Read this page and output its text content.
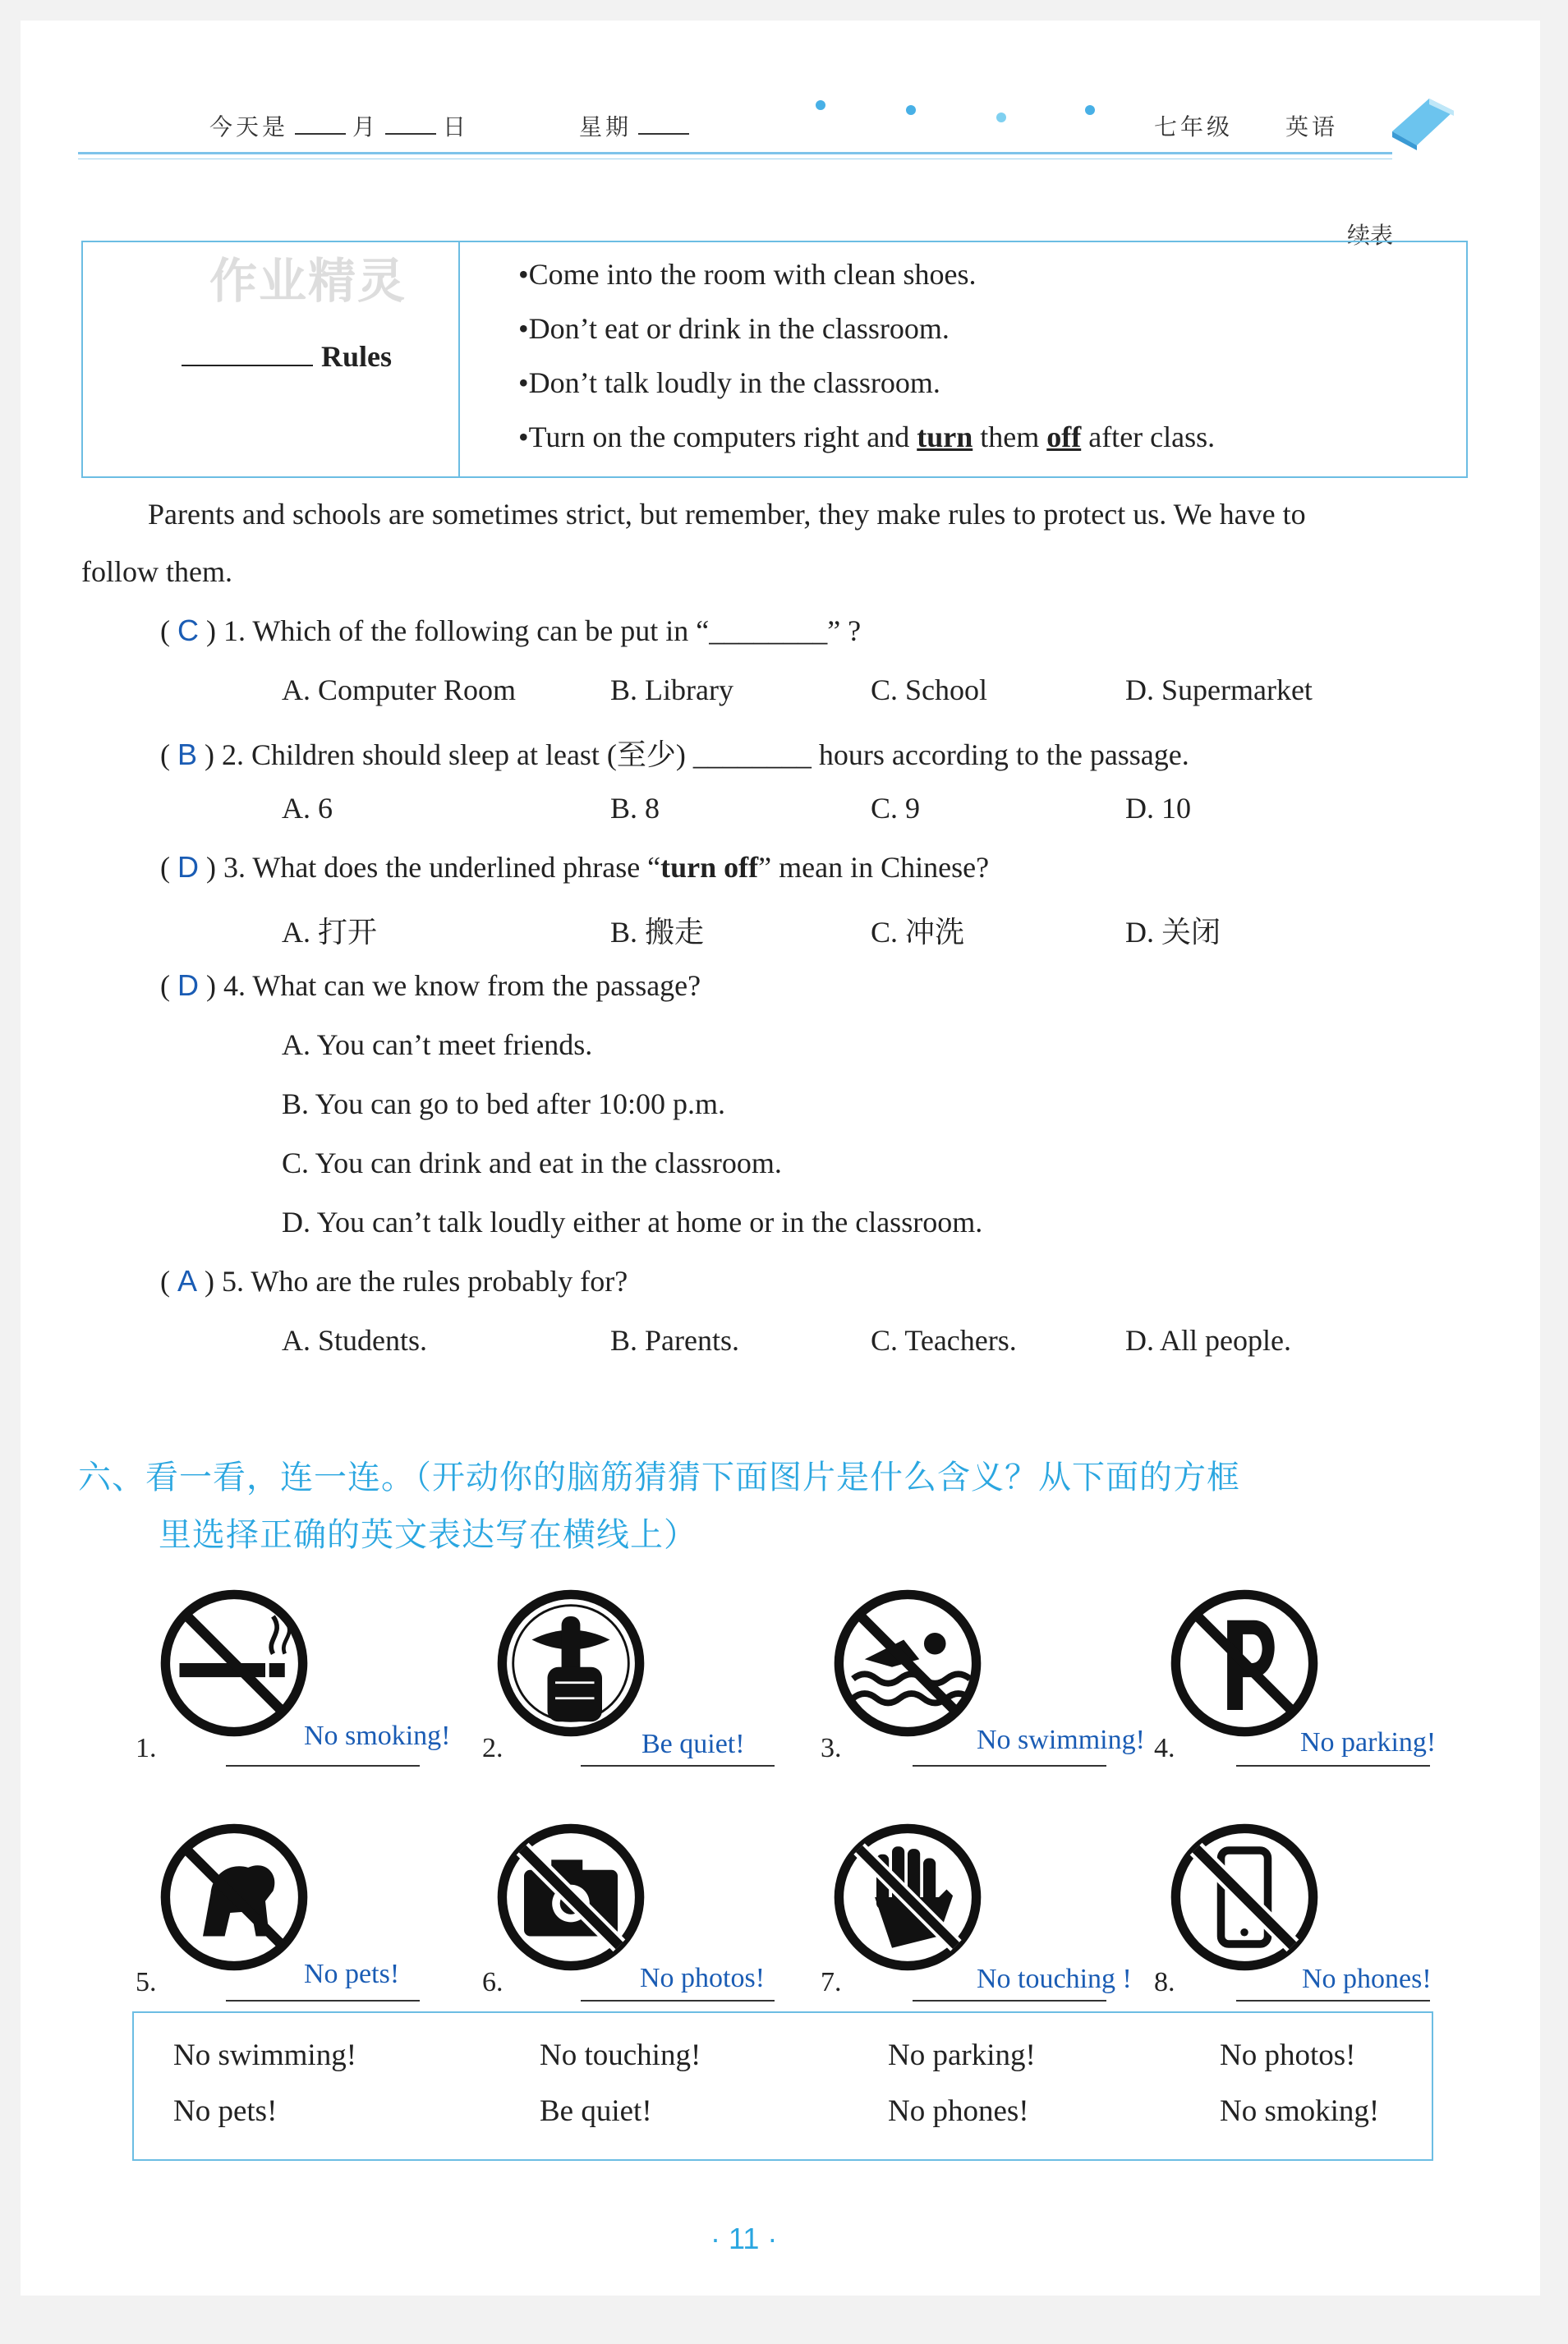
今天是	月	日	星期	七年级 英语
续表
Rules
•Come into the room with clean shoes.
•Don’t eat or drink in the classroom.
•Don’t talk loudly in the classroom.
•Turn on the computers right and turn them off after class.
作业精灵
Parents and schools are sometimes strict, but remember, they make rules to protect us. We have to
follow them.
( C ) 1. Which of the following can be put in “________” ?
A. Computer Room	B. Library	C. School	D. Supermarket
( B ) 2. Children should sleep at least (至少) ________ hours according to the passage.
A. 6	B. 8	C. 9	D. 10
( D ) 3. What does the underlined phrase “turn off” mean in Chinese?
A. 打开	B. 搬走	C. 冲洗	D. 关闭
( D ) 4. What can we know from the passage?
A. You can’t meet friends.
B. You can go to bed after 10:00 p.m.
C. You can drink and eat in the classroom.
D. You can’t talk loudly either at home or in the classroom.
( A ) 5. Who are the rules probably for?
A. Students.	B. Parents.	C. Teachers.	D. All people.
六、看一看，连一连。（开动你的脑筋猜猜下面图片是什么含义？从下面的方框
里选择正确的英文表达写在横线上）
1.	No smoking! 2.	Be quiet!	3.	No swimming! 4.	No parking!
5.	No pets!	6.	No photos! 7.	No touching ! 8.	No phones!
No swimming!	No touching!	No parking!	No photos!
No pets!	Be quiet!	No phones!	No smoking!
· 11 ·
